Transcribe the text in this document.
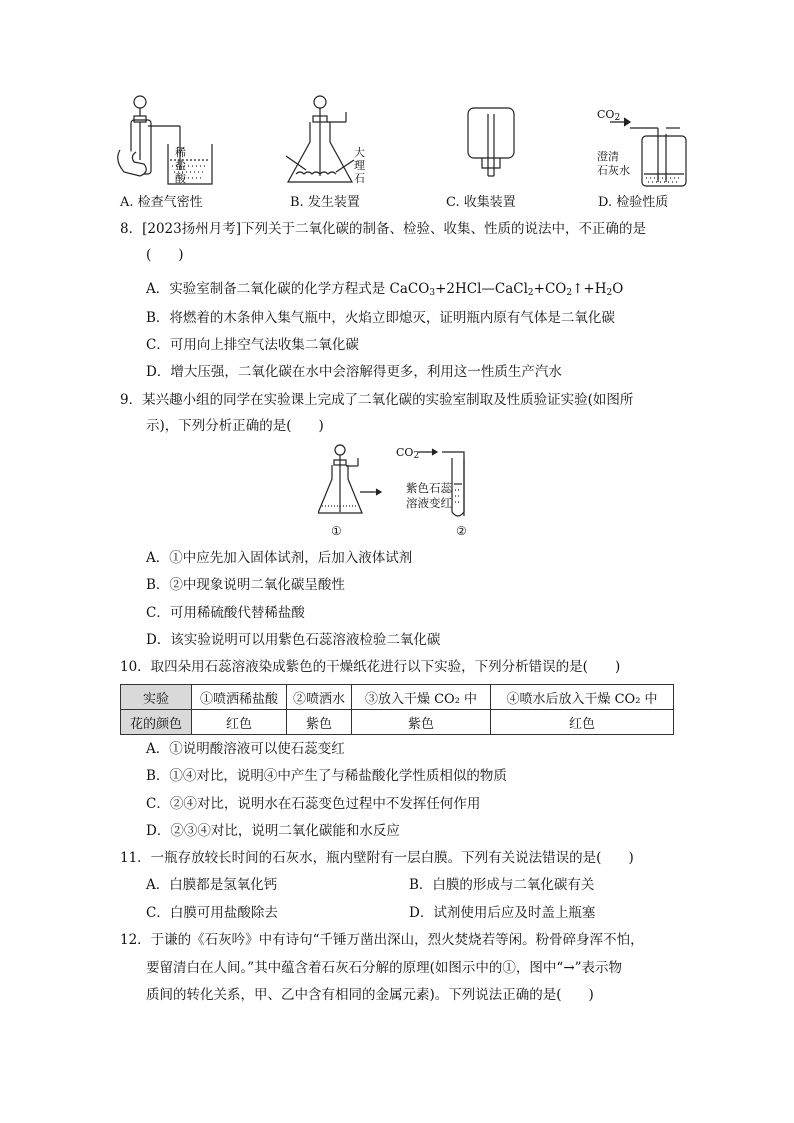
稀
盐
酸
大
理
石
$CO_2$
澄清
石灰水
A. 检查气密性	B. 发生装置	C. 收集装置	D. 检验性质
8．[2023扬州月考]下列关于二氧化碳的制备、检验、收集、性质的说法中，不正确的是
(　　)
A．实验室制备二氧化碳的化学方程式是 $CaCO_3+2HCl—CaCl_2+CO_2↑+H_2O$
B．将燃着的木条伸入集气瓶中，火焰立即熄灭，证明瓶内原有气体是二氧化碳
C．可用向上排空气法收集二氧化碳
D．增大压强，二氧化碳在水中会溶解得更多，利用这一性质生产汽水
9．某兴趣小组的同学在实验课上完成了二氧化碳的实验室制取及性质验证实验(如图所
示)，下列分析正确的是(　　)
$CO_2$
紫色石蕊
溶液变红
①	②
A．①中应先加入固体试剂，后加入液体试剂
B．②中现象说明二氧化碳呈酸性
C．可用稀硫酸代替稀盐酸
D．该实验说明可以用紫色石蕊溶液检验二氧化碳
10．取四朵用石蕊溶液染成紫色的干燥纸花进行以下实验，下列分析错误的是(　　)
实验	①喷洒稀盐酸	②喷洒水	③放入干燥 CO₂ 中	④喷水后放入干燥 CO₂ 中
花的颜色	红色	紫色	紫色	红色
A．①说明酸溶液可以使石蕊变红
B．①④对比，说明④中产生了与稀盐酸化学性质相似的物质
C．②④对比，说明水在石蕊变色过程中不发挥任何作用
D．②③④对比，说明二氧化碳能和水反应
11．一瓶存放较长时间的石灰水，瓶内壁附有一层白膜。下列有关说法错误的是(　　)
A．白膜都是氢氧化钙	B．白膜的形成与二氧化碳有关
C．白膜可用盐酸除去	D．试剂使用后应及时盖上瓶塞
12．于谦的《石灰吟》中有诗句“千锤万凿出深山，烈火焚烧若等闲。粉骨碎身浑不怕，
要留清白在人间。”其中蕴含着石灰石分解的原理(如图示中的①，图中“→”表示物
质间的转化关系，甲、乙中含有相同的金属元素)。下列说法正确的是(　　)
